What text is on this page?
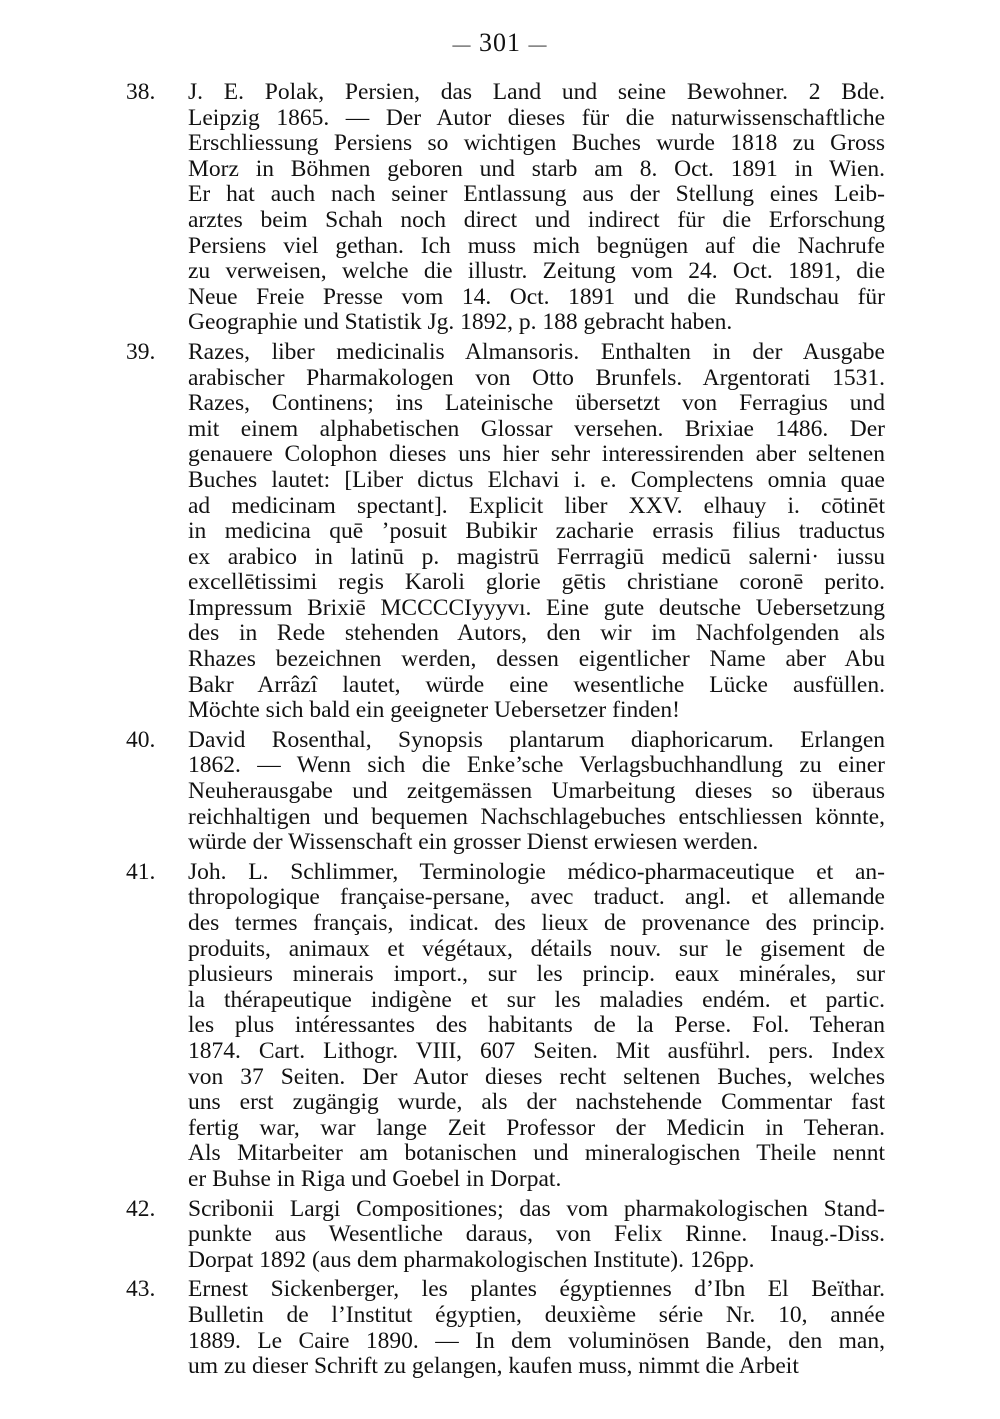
— 301 —
38.	J. E. Polak, Persien, das Land und seine Bewohner. 2 Bde.
Leipzig 1865. — Der Autor dieses für die naturwissenschaftliche
Erschliessung Persiens so wichtigen Buches wurde 1818 zu Gross
Morz in Böhmen geboren und starb am 8. Oct. 1891 in Wien.
Er hat auch nach seiner Entlassung aus der Stellung eines Leib-
arztes beim Schah noch direct und indirect für die Erforschung
Persiens viel gethan. Ich muss mich begnügen auf die Nachrufe
zu verweisen, welche die illustr. Zeitung vom 24. Oct. 1891, die
Neue Freie Presse vom 14. Oct. 1891 und die Rundschau für
Geographie und Statistik Jg. 1892, p. 188 gebracht haben.
39.	Razes, liber medicinalis Almansoris. Enthalten in der Ausgabe
arabischer Pharmakologen von Otto Brunfels. Argentorati 1531.
Razes, Continens; ins Lateinische übersetzt von Ferragius und
mit einem alphabetischen Glossar versehen. Brixiae 1486. Der
genauere Colophon dieses uns hier sehr interessirenden aber seltenen
Buches lautet: [Liber dictus Elchavi i. e. Complectens omnia quae
ad medicinam spectant]. Explicit liber XXV. elhauy i. cōtinēt
in medicina quē ’posuit Bubikir zacharie errasis filius traductus
ex arabico in latinū p. magistrū Ferrragiū medicū salerni· iussu
excellētissimi regis Karoli glorie gētis christiane coronē perito.
Impressum Brixiē MCCCCIyyyvı. Eine gute deutsche Uebersetzung
des in Rede stehenden Autors, den wir im Nachfolgenden als
Rhazes bezeichnen werden, dessen eigentlicher Name aber Abu
Bakr Arrâzî lautet, würde eine wesentliche Lücke ausfüllen.
Möchte sich bald ein geeigneter Uebersetzer finden!
40.	David Rosenthal, Synopsis plantarum diaphoricarum. Erlangen
1862. — Wenn sich die Enke’sche Verlagsbuchhandlung zu einer
Neuherausgabe und zeitgemässen Umarbeitung dieses so überaus
reichhaltigen und bequemen Nachschlagebuches entschliessen könnte,
würde der Wissenschaft ein grosser Dienst erwiesen werden.
41.	Joh. L. Schlimmer, Terminologie médico-pharmaceutique et an-
thropologique française-persane, avec traduct. angl. et allemande
des termes français, indicat. des lieux de provenance des princip.
produits, animaux et végétaux, détails nouv. sur le gisement de
plusieurs minerais import., sur les princip. eaux minérales, sur
la thérapeutique indigène et sur les maladies endém. et partic.
les plus intéressantes des habitants de la Perse. Fol. Teheran
1874. Cart. Lithogr. VIII, 607 Seiten. Mit ausführl. pers. Index
von 37 Seiten. Der Autor dieses recht seltenen Buches, welches
uns erst zugängig wurde, als der nachstehende Commentar fast
fertig war, war lange Zeit Professor der Medicin in Teheran.
Als Mitarbeiter am botanischen und mineralogischen Theile nennt
er Buhse in Riga und Goebel in Dorpat.
42.	Scribonii Largi Compositiones; das vom pharmakologischen Stand-
punkte aus Wesentliche daraus, von Felix Rinne. Inaug.-Diss.
Dorpat 1892 (aus dem pharmakologischen Institute). 126pp.
43.	Ernest Sickenberger, les plantes égyptiennes d’Ibn El Beïthar.
Bulletin de l’Institut égyptien, deuxième série Nr. 10, année
1889. Le Caire 1890. — In dem voluminösen Bande, den man,
um zu dieser Schrift zu gelangen, kaufen muss, nimmt die Arbeit
